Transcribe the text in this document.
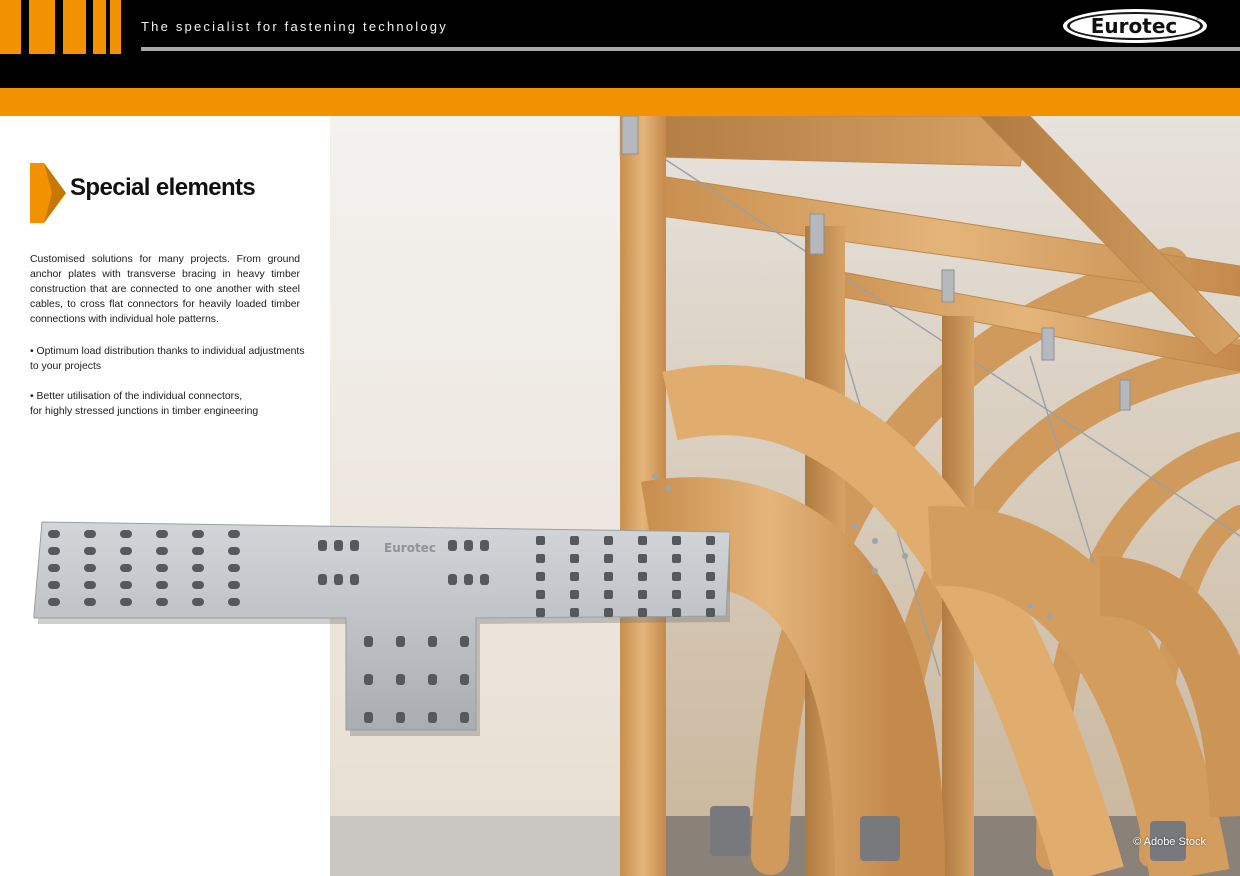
The specialist for fastening technology	Eurotec	®
© Adobe Stock
Special elements

Customised solutions for many projects. From ground anchor plates with transverse bracing in heavy timber construction that are connected to one another with steel cables, to cross flat connectors for heavily loaded timber connections with individual hole patterns.

• Optimum load distribution thanks to individual adjustments
to your projects
• Better utilisation of the individual connectors,
for highly stressed junctions in timber engineering
Eurotec
